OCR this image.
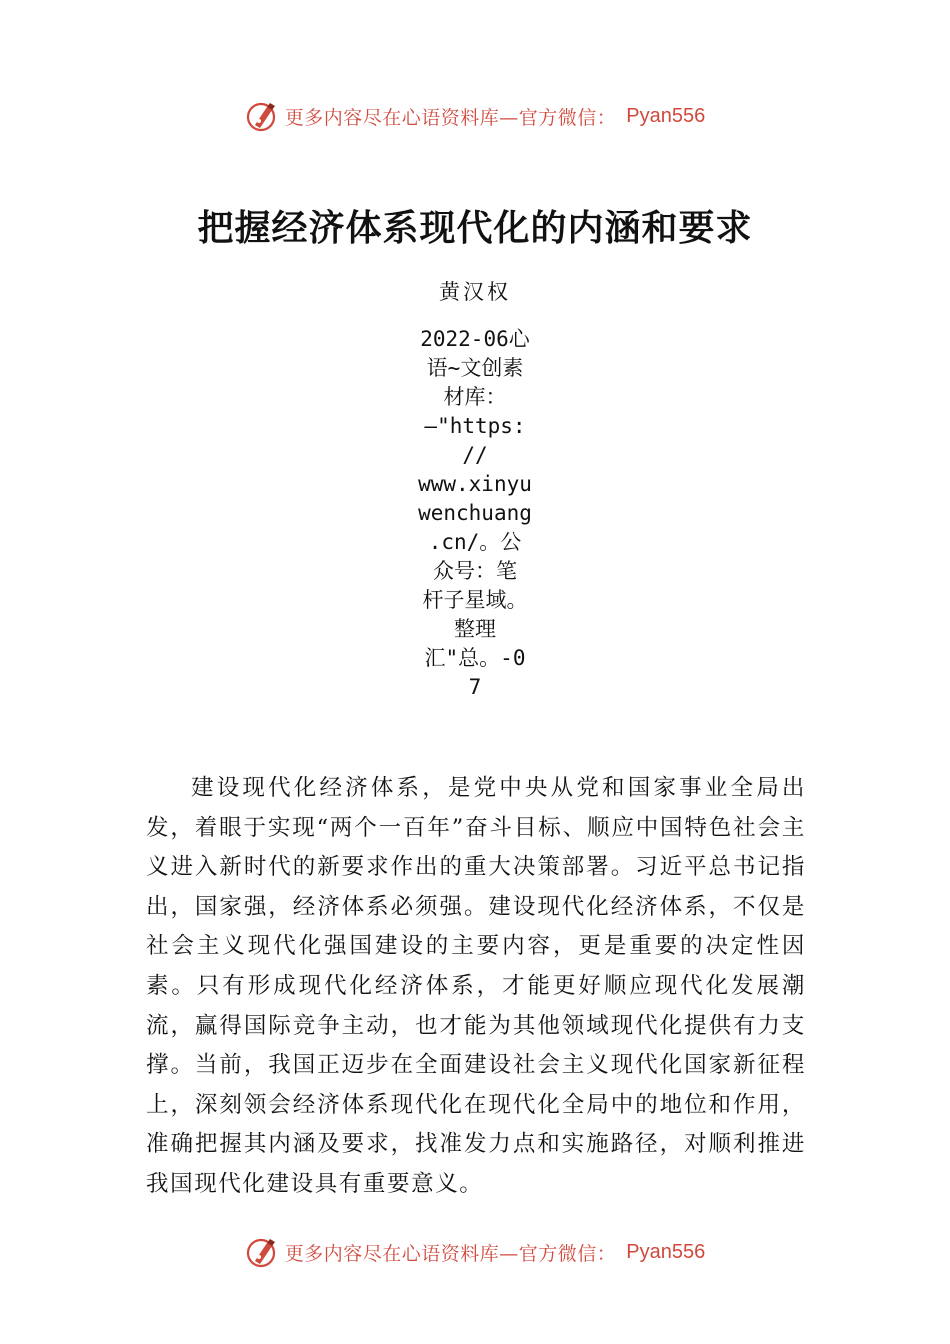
更多内容尽在心语资料库—官方微信： Pyan556
把握经济体系现代化的内涵和要求
黄汉权
2022-06心
语~文创素
材库：
—"https:
//
www.xinyu
wenchuang
.cn/。公
众号：笔
杆子星域。
整理
汇"总。-0
7

建设现代化经济体系，是党中央从党和国家事业全局出发，着眼于实现“两个一百年”奋斗目标、顺应中国特色社会主义进入新时代的新要求作出的重大决策部署。习近平总书记指出，国家强，经济体系必须强。建设现代化经济体系，不仅是社会主义现代化强国建设的主要内容，更是重要的决定性因素。只有形成现代化经济体系，才能更好顺应现代化发展潮流，赢得国际竞争主动，也才能为其他领域现代化提供有力支撑。当前，我国正迈步在全面建设社会主义现代化国家新征程上，深刻领会经济体系现代化在现代化全局中的地位和作用，准确把握其内涵及要求，找准发力点和实施路径，对顺利推进我国现代化建设具有重要意义。

更多内容尽在心语资料库—官方微信： Pyan556
